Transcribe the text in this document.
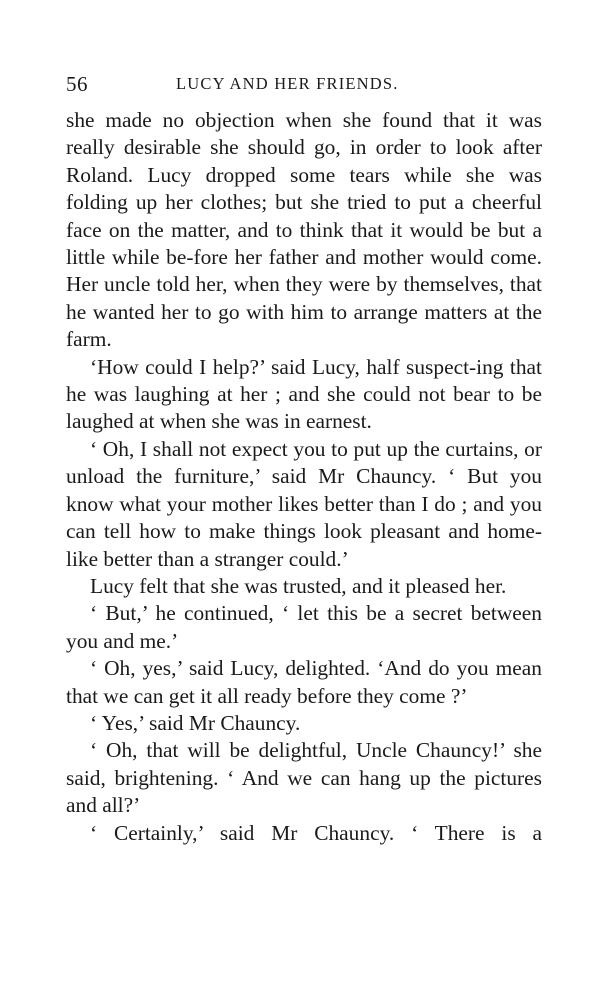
56	LUCY AND HER FRIENDS.

she made no objection when she found that it was really desirable she should go, in order to look after Roland. Lucy dropped some tears while she was folding up her clothes; but she tried to put a cheerful face on the matter, and to think that it would be but a little while be-fore her father and mother would come. Her uncle told her, when they were by themselves, that he wanted her to go with him to arrange matters at the farm.

‘How could I help?’ said Lucy, half suspect-ing that he was laughing at her ; and she could not bear to be laughed at when she was in earnest.

‘ Oh, I shall not expect you to put up the curtains, or unload the furniture,’ said Mr Chauncy. ‘ But you know what your mother likes better than I do ; and you can tell how to make things look pleasant and home-like better than a stranger could.’

Lucy felt that she was trusted, and it pleased her.

‘ But,’ he continued, ‘ let this be a secret between you and me.’

‘ Oh, yes,’ said Lucy, delighted. ‘And do you mean that we can get it all ready before they come ?’

‘ Yes,’ said Mr Chauncy.

‘ Oh, that will be delightful, Uncle Chauncy!’ she said, brightening. ‘ And we can hang up the pictures and all?’

‘ Certainly,’ said Mr Chauncy. ‘ There is a
